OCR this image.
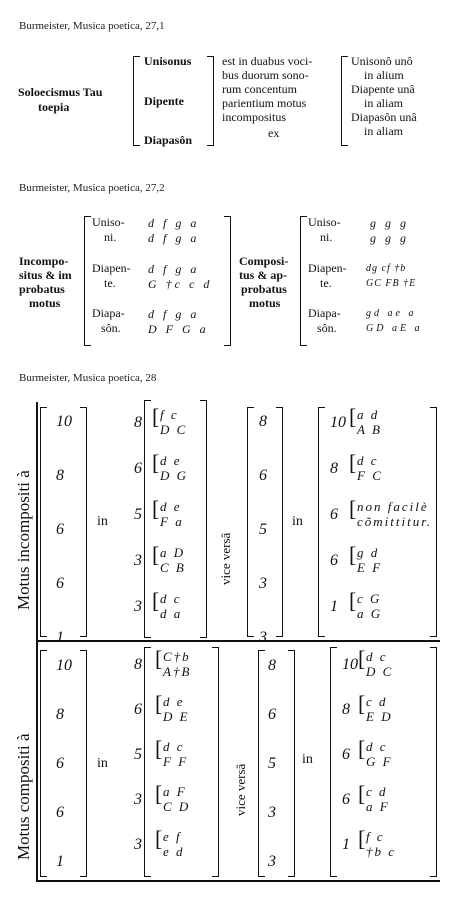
Burmeister, Musica poetica, 27,1
Burmeister, Musica poetica, 27,2
Burmeister, Musica poetica, 28
Soloecismus Tau
toepia
Unisonus
Dipente
Diapasôn
est in duabus voci-
bus duorum sono-
rum concentum
parientium motus
incompositus
ex
Unisonô unô
in alium
Diapente unâ
in aliam
Diapasôn unâ
in aliam
Incompo-
situs & im
probatus
motus
Uniso-
ni.
d f g a
d f g a
Diapen-
te.
d f g a
G †c c d
Diapa-
sôn.
d f g a
D F G a
Composi-
tus & ap-
probatus
motus
Uniso-
ni.
g g g
g g g
Diapen-
te.
dg cf †b
GC FB †E
Diapa-
sôn.
gd ae a
GD aE a
Motus incompositi à
Motus compositi à
vice versâ
vice versâ
in	in
in	in
10
8
6
6
1
8 [ f c
D C
6 [ d e
D G
5 [ d e
F a
3 [ a D
C B
3 [ d c
d a
8
6
5
3
3
10 [ a d
A B
8 [ d c
F C
6 [ non facilè
cõmittitur.
6 [ g d
E F
1 [ c G
a G
10
8
6
6
1
8 [ C†b
A†B
6 [ d e
D E
5 [ d c
F F
3 [ a F
C D
3 [ e f
e d
8
6
5
3
3
10 [ d c
D C
8 [ c d
E D
6 [ d c
G F
6 [ c d
a F
1 [ f c
†b c
